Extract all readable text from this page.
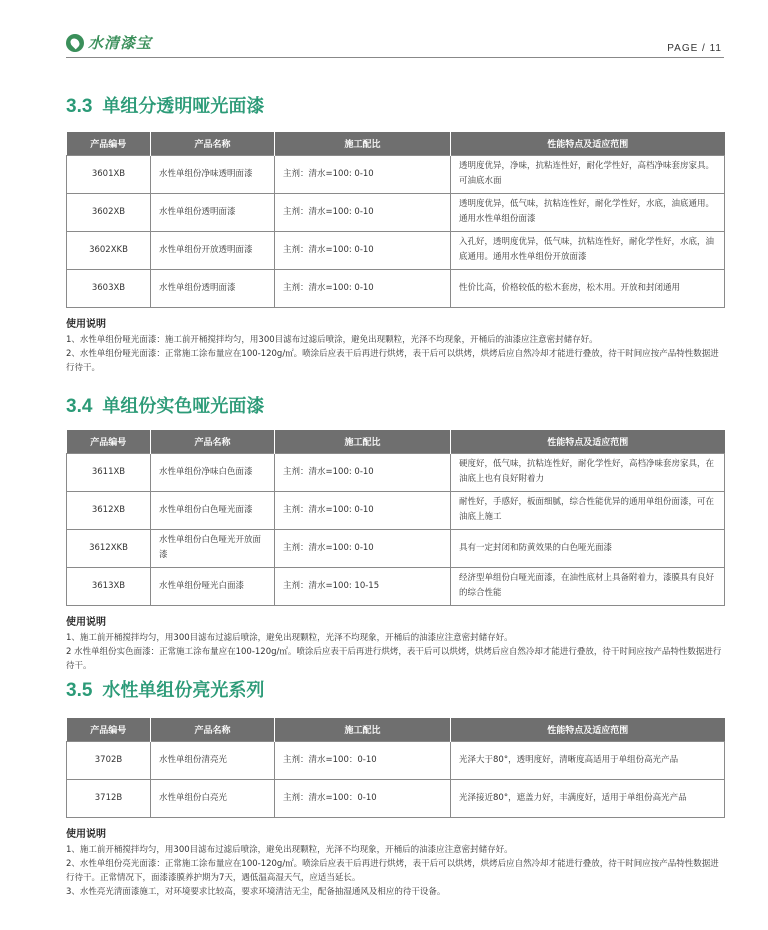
水清漆宝	PAGE / 11
3.3 单组分透明哑光面漆
产品编号	产品名称	施工配比	性能特点及适应范围
3601XB	水性单组份净味透明面漆	主剂：清水=100: 0-10	透明度优异，净味，抗粘连性好，耐化学性好，高档净味套房家具。可油底水面
3602XB	水性单组份透明面漆	主剂：清水=100: 0-10	透明度优异，低气味，抗粘连性好，耐化学性好，水底，油底通用。通用水性单组份面漆
3602XKB	水性单组份开放透明面漆	主剂：清水=100: 0-10	入孔好，透明度优异，低气味，抗粘连性好，耐化学性好，水底，油底通用。通用水性单组份开放面漆
3603XB	水性单组份透明面漆	主剂：清水=100: 0-10	性价比高，价格较低的松木套房，松木用。开放和封闭通用
使用说明
1、水性单组份哑光面漆：施工前开桶搅拌均匀，用300目滤布过滤后喷涂，避免出现颗粒，光泽不均现象，开桶后的油漆应注意密封储存好。
2、水性单组份哑光面漆：正常施工涂布量应在100-120g/㎡。喷涂后应表干后再进行烘烤，表干后可以烘烤，烘烤后应自然冷却才能进行叠放，待干时间应按产品特性数据进行待干。
3.4 单组份实色哑光面漆
产品编号	产品名称	施工配比	性能特点及适应范围
3611XB	水性单组份净味白色面漆	主剂：清水=100: 0-10	硬度好，低气味，抗粘连性好，耐化学性好，高档净味套房家具，在油底上也有良好附着力
3612XB	水性单组份白色哑光面漆	主剂：清水=100: 0-10	耐性好，手感好，板面细腻，综合性能优异的通用单组份面漆，可在油底上施工
3612XKB	水性单组份白色哑光开放面漆	主剂：清水=100: 0-10	具有一定封闭和防黄效果的白色哑光面漆
3613XB	水性单组份哑光白面漆	主剂：清水=100: 10-15	经济型单组份白哑光面漆，在油性底材上具备附着力，漆膜具有良好的综合性能
使用说明
1、施工前开桶搅拌均匀，用300目滤布过滤后喷涂，避免出现颗粒，光泽不均现象，开桶后的油漆应注意密封储存好。
2 水性单组份实色面漆：正常施工涂布量应在100-120g/㎡。喷涂后应表干后再进行烘烤，表干后可以烘烤，烘烤后应自然冷却才能进行叠放，待干时间应按产品特性数据进行待干。
3.5 水性单组份亮光系列
产品编号	产品名称	施工配比	性能特点及适应范围
3702B	水性单组份清亮光	主剂：清水=100：0-10	光泽大于80°，透明度好，清晰度高适用于单组份高光产品
3712B	水性单组份白亮光	主剂：清水=100：0-10	光泽接近80°，遮盖力好，丰满度好，适用于单组份高光产品
使用说明
1、施工前开桶搅拌均匀，用300目滤布过滤后喷涂，避免出现颗粒，光泽不均现象，开桶后的油漆应注意密封储存好。
2、水性单组份亮光面漆：正常施工涂布量应在100-120g/㎡。喷涂后应表干后再进行烘烤，表干后可以烘烤，烘烤后应自然冷却才能进行叠放，待干时间应按产品特性数据进行待干。正常情况下，面漆漆膜养护期为7天，遇低温高湿天气，应适当延长。
3、水性亮光清面漆施工，对环境要求比较高，要求环境清洁无尘，配备抽湿通风及相应的待干设备。
